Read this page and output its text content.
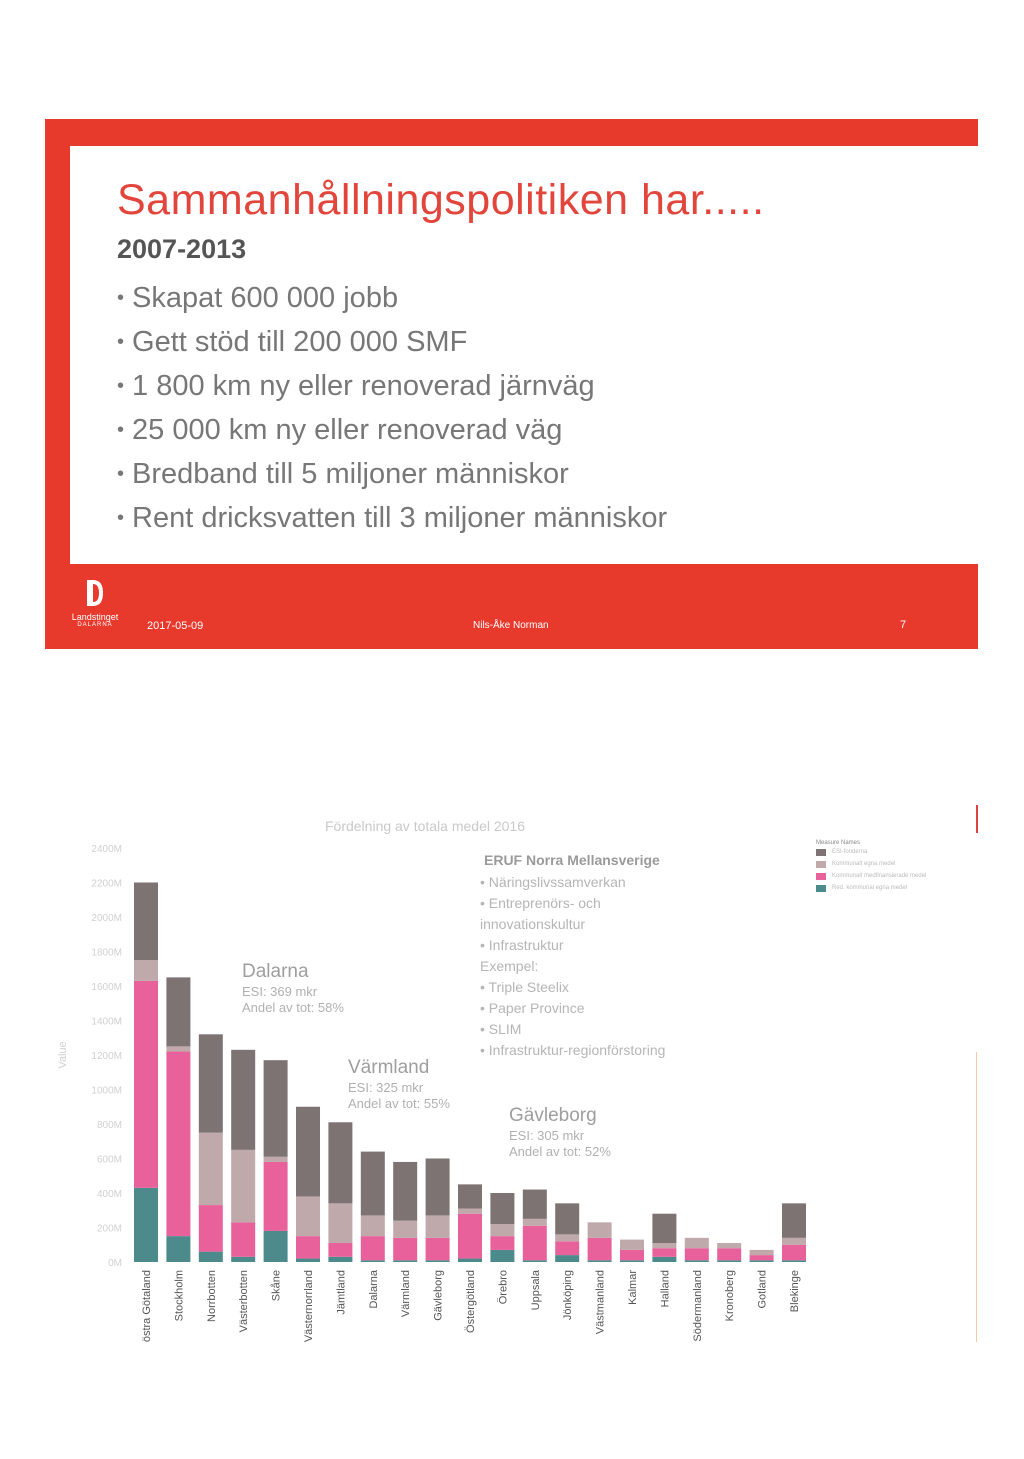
Sammanhållningspolitiken har.....
2007-2013
• Skapat 600 000 jobb
• Gett stöd till 200 000 SMF
• 1 800 km ny eller renoverad järnväg
• 25 000 km ny eller renoverad väg
• Bredband till 5 miljoner människor
• Rent dricksvatten till 3 miljoner människor
Landstinget
DALARNA	2017-05-09	Nils-Åke Norman	7
Fördelning av totala medel 2016
0M
200M
400M
600M
800M
1000M
1200M
1400M
1600M
1800M
2000M
2200M
2400M
Value
östra Götaland Stockholm Norrbotten Västerbotten Skåne Västernorrland Jämtland Dalarna Värmland Gävleborg Östergötland Örebro Uppsala Jönköping Västmanland Kalmar Halland Södermanland Kronoberg Gotland Blekinge
Dalarna
ESI: 369 mkr
Andel av tot: 58%
Värmland
ESI: 325 mkr
Andel av tot: 55%
Gävleborg
ESI: 305 mkr
Andel av tot: 52%
ERUF Norra Mellansverige
• Näringslivssamverkan
• Entreprenörs- och
innovationskultur
• Infrastruktur
Exempel:
• Triple Steelix
• Paper Province
• SLIM
• Infrastruktur-regionförstoring
Measure Names
ESI-fonderna
Kommunalt egna medel
Kommunalt medfinansierade medel
Red. kommunal egna medel
